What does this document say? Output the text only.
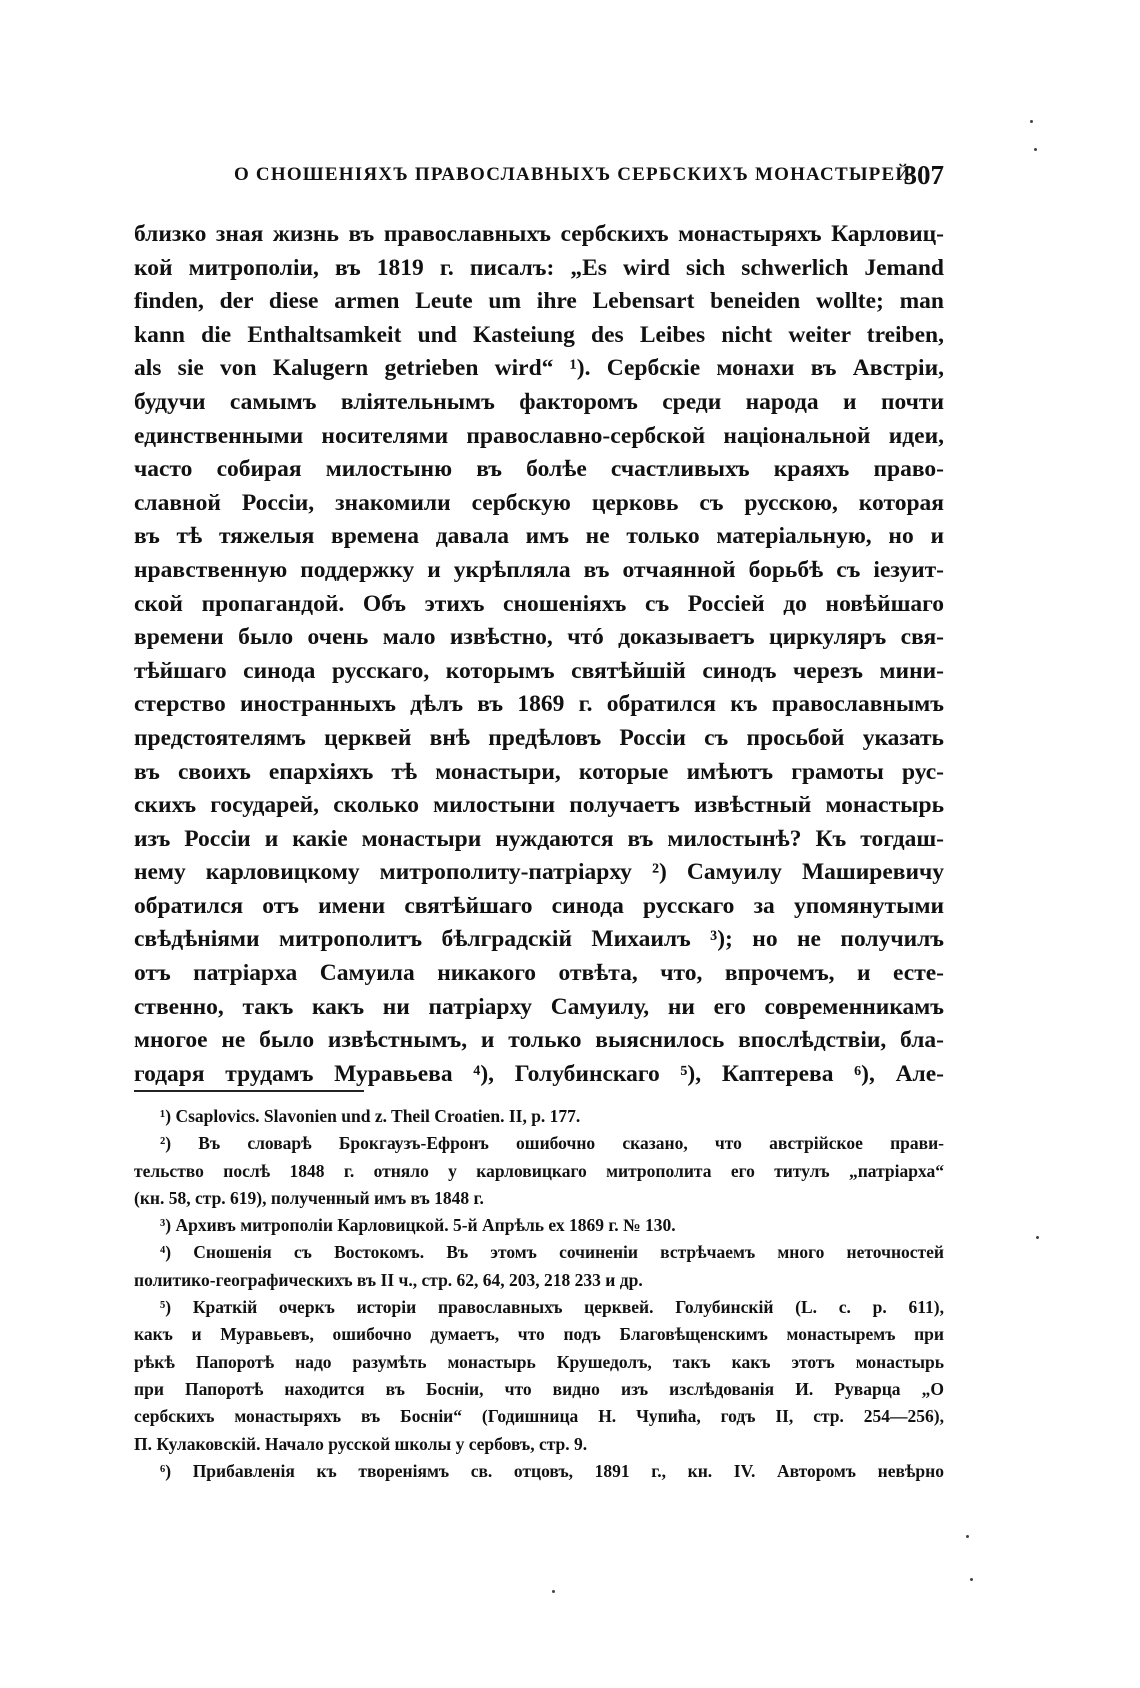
О СНОШЕНІЯХЪ ПРАВОСЛАВНЫХЪ СЕРБСКИХЪ МОНАСТЫРЕЙ.
307
близко зная жизнь въ православныхъ сербскихъ монастыряхъ Карловиц-
кой митрополіи, въ 1819 г. писалъ: „Es wird sich schwerlich Jemand
finden, der diese armen Leute um ihre Lebensart beneiden wollte; man
kann die Enthaltsamkeit und Kasteiung des Leibes nicht weiter treiben,
als sie von Kalugern getrieben wird“ ¹). Сербскіе монахи въ Австріи,
будучи самымъ вліятельнымъ факторомъ среди народа и почти
единственными носителями православно-сербской національной идеи,
часто собирая милостыню въ болѣе счастливыхъ краяхъ право-
славной Россіи, знакомили сербскую церковь съ русскою, которая
въ тѣ тяжелыя времена давала имъ не только матеріальную, но и
нравственную поддержку и укрѣпляла въ отчаянной борьбѣ съ іезуит-
ской пропагандой. Объ этихъ сношеніяхъ съ Россіей до новѣйшаго
времени было очень мало извѣстно, чтó доказываетъ циркуляръ свя-
тѣйшаго синода русскаго, которымъ святѣйшій синодъ черезъ мини-
стерство иностранныхъ дѣлъ въ 1869 г. обратился къ православнымъ
предстоятелямъ церквей внѣ предѣловъ Россіи съ просьбой указать
въ своихъ епархіяхъ тѣ монастыри, которые имѣютъ грамоты рус-
скихъ государей, сколько милостыни получаетъ извѣстный монастырь
изъ Россіи и какіе монастыри нуждаются въ милостынѣ? Къ тогдаш-
нему карловицкому митрополиту-патріарху ²) Самуилу Маширевичу
обратился отъ имени святѣйшаго синода русскаго за упомянутыми
свѣдѣніями митрополитъ бѣлградскій Михаилъ ³); но не получилъ
отъ патріарха Самуила никакого отвѣта, что, впрочемъ, и есте-
ственно, такъ какъ ни патріарху Самуилу, ни его современникамъ
многое не было извѣстнымъ, и только выяснилось впослѣдствіи, бла-
годаря трудамъ Муравьева ⁴), Голубинскаго ⁵), Каптерева ⁶), Але-
¹) Csaplovics. Slavonien und z. Theil Croatien. II, p. 177.
²) Въ словарѣ Брокгаузъ-Ефронъ ошибочно сказано, что австрійское прави-
тельство послѣ 1848 г. отняло у карловицкаго митрополита его титулъ „патріарха“
(кн. 58, стр. 619), полученный имъ въ 1848 г.
³) Архивъ митрополіи Карловицкой. 5-й Апрѣль ех 1869 г. № 130.
⁴) Сношенія съ Востокомъ. Въ этомъ сочиненіи встрѣчаемъ много неточностей
политико-географическихъ въ II ч., стр. 62, 64, 203, 218 233 и др.
⁵) Краткій очеркъ исторіи православныхъ церквей. Голубинскій (L. c. p. 611),
какъ и Муравьевъ, ошибочно думаетъ, что подъ Благовѣщенскимъ монастыремъ при
рѣкѣ Папоротѣ надо разумѣть монастырь Крушедолъ, такъ какъ этотъ монастырь
при Папоротѣ находится въ Босніи, что видно изъ изслѣдованія И. Руварца „О
сербскихъ монастыряхъ въ Босніи“ (Годишница Н. Чупића, годъ II, стр. 254—256),
П. Кулаковскій. Начало русской школы у сербовъ, стр. 9.
⁶) Прибавленія къ твореніямъ св. отцовъ, 1891 г., кн. IV. Авторомъ невѣрно
